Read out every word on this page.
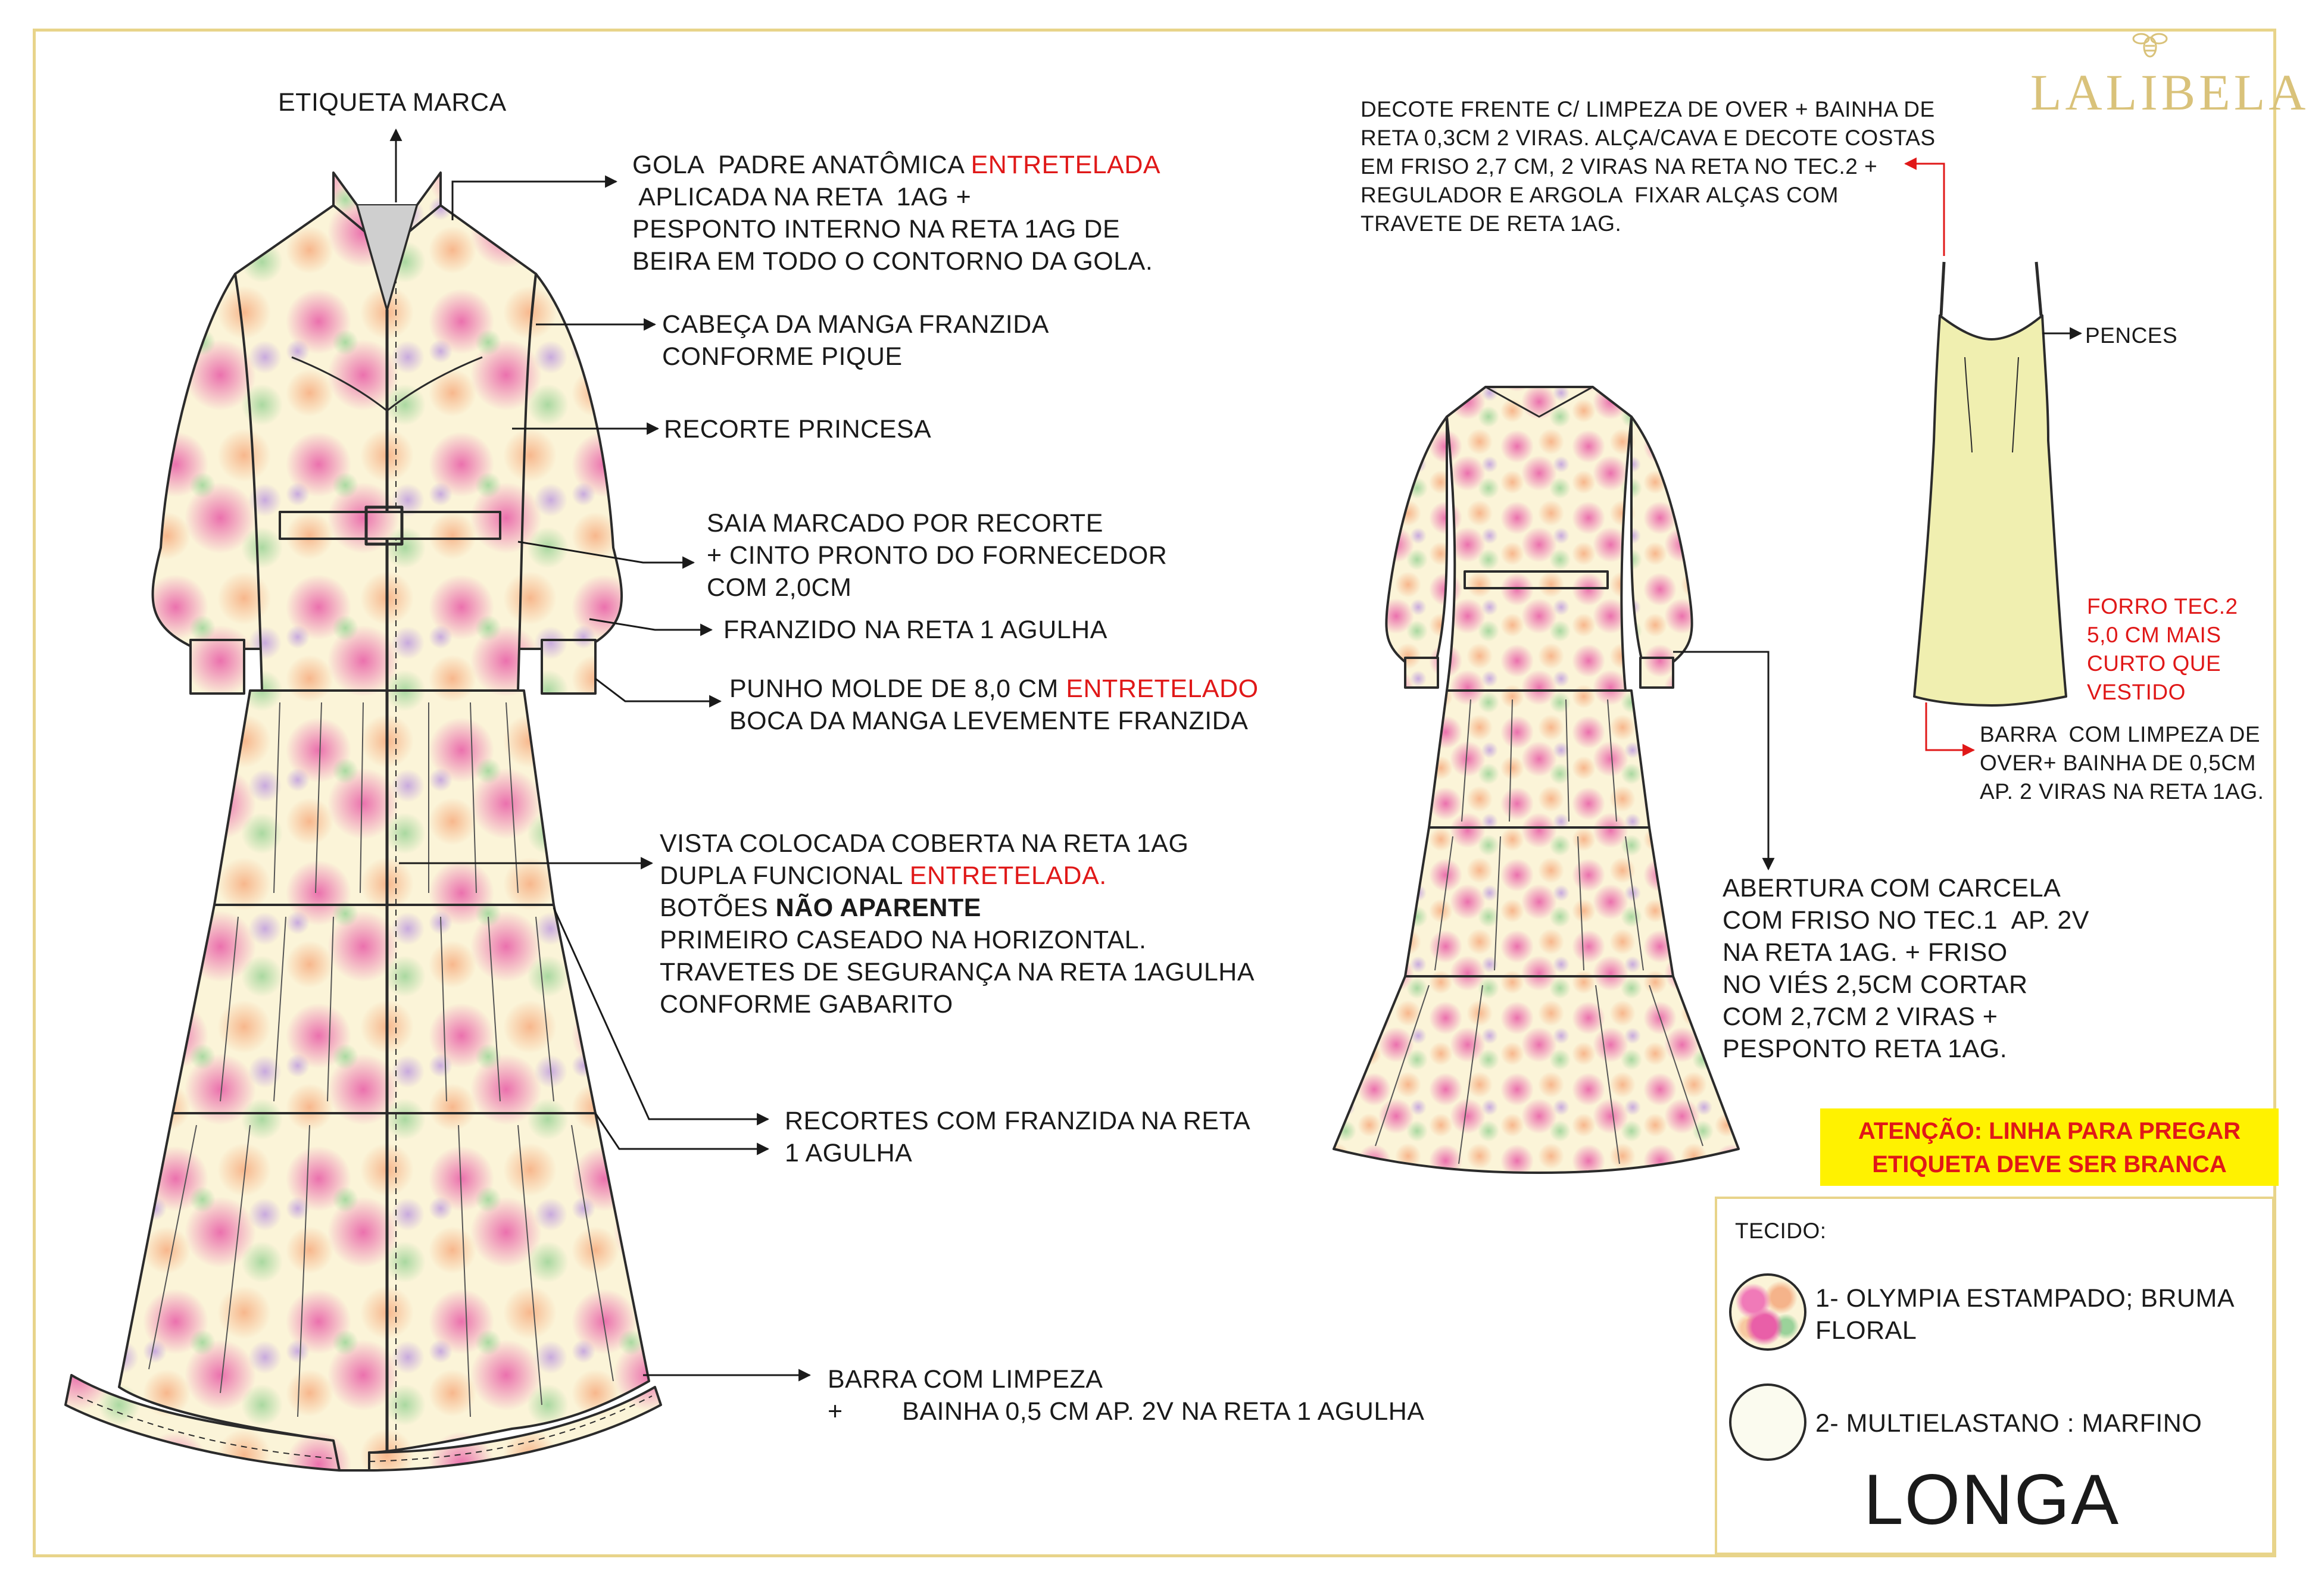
LALIBELA
ETIQUETA MARCA
GOLA  PADRE ANATÔMICA ENTRETELADA
APLICADA NA RETA  1AG +
PESPONTO INTERNO NA RETA 1AG DE
BEIRA EM TODO O CONTORNO DA GOLA.
CABEÇA DA MANGA FRANZIDA
CONFORME PIQUE
RECORTE PRINCESA
SAIA MARCADO POR RECORTE
+ CINTO PRONTO DO FORNECEDOR
COM 2,0CM
FRANZIDO NA RETA 1 AGULHA
PUNHO MOLDE DE 8,0 CM ENTRETELADO
BOCA DA MANGA LEVEMENTE FRANZIDA
VISTA COLOCADA COBERTA NA RETA 1AG
DUPLA FUNCIONAL ENTRETELADA.
BOTÕES NÃO APARENTE
PRIMEIRO CASEADO NA HORIZONTAL.
TRAVETES DE SEGURANÇA NA RETA 1AGULHA
CONFORME GABARITO
RECORTES COM FRANZIDA NA RETA
1 AGULHA
BARRA COM LIMPEZA
+        BAINHA 0,5 CM AP. 2V NA RETA 1 AGULHA
DECOTE FRENTE C/ LIMPEZA DE OVER + BAINHA DE
RETA 0,3CM 2 VIRAS. ALÇA/CAVA E DECOTE COSTAS
EM FRISO 2,7 CM, 2 VIRAS NA RETA NO TEC.2 +
REGULADOR E ARGOLA  FIXAR ALÇAS COM
TRAVETE DE RETA 1AG.
PENCES
FORRO TEC.2
5,0 CM MAIS
CURTO QUE
VESTIDO
BARRA  COM LIMPEZA DE
OVER+ BAINHA DE 0,5CM
AP. 2 VIRAS NA RETA 1AG.
ABERTURA COM CARCELA
COM FRISO NO TEC.1  AP. 2V
NA RETA 1AG. + FRISO
NO VIÉS 2,5CM CORTAR
COM 2,7CM 2 VIRAS +
PESPONTO RETA 1AG.
ATENÇÃO: LINHA PARA PREGAR
ETIQUETA DEVE SER BRANCA
TECIDO:
1- OLYMPIA ESTAMPADO; BRUMA
FLORAL
2- MULTIELASTANO : MARFINO
LONGA
